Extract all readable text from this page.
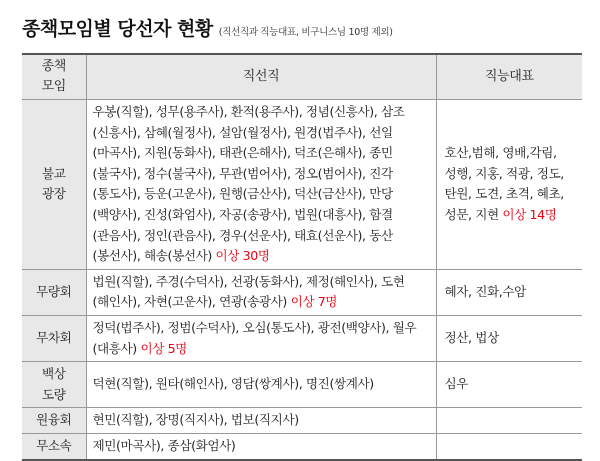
종책모임별 당선자 현황 (직선직과 직능대표, 비구니스님 10명 제외)
종책
모임	직선직	직능대표
불교
광장	우봉(직할), 성무(용주사), 환적(용주사), 정념(신흥사), 삼조(신흥사), 삼혜(월정사), 설암(월정사), 원경(법주사), 선일(마곡사), 지원(동화사), 태관(은해사), 덕조(은해사), 종민(불국사), 정수(불국사), 무관(범어사), 정오(범어사), 진각(통도사), 등운(고운사), 원행(금산사), 덕산(금산사), 만당(백양사), 진성(화엄사), 자공(송광사), 법원(대흥사), 함결(관음사), 정인(관음사), 경우(선운사), 태효(선운사), 동산(봉선사), 해송(봉선사) 이상 30명	호산,범해, 영배,각림, 성행, 지홍, 적광, 정도, 탄원, 도견, 초격, 혜초, 성문, 지현 이상 14명
무량회	법원(직할), 주경(수덕사), 선광(동화사), 제정(해인사), 도현(해인사), 자현(고운사), 연광(송광사) 이상 7명	혜자, 진화,수암
무차회	정덕(법주사), 정범(수덕사), 오심(통도사), 광전(백양사), 월우(대흥사) 이상 5명	정산, 법상
백상
도량	덕현(직할), 원타(해인사), 영담(쌍계사), 명진(쌍계사)	심우
원융회	현민(직할), 장명(직지사), 법보(직지사)	
무소속	제민(마곡사), 종삼(화엄사)	
